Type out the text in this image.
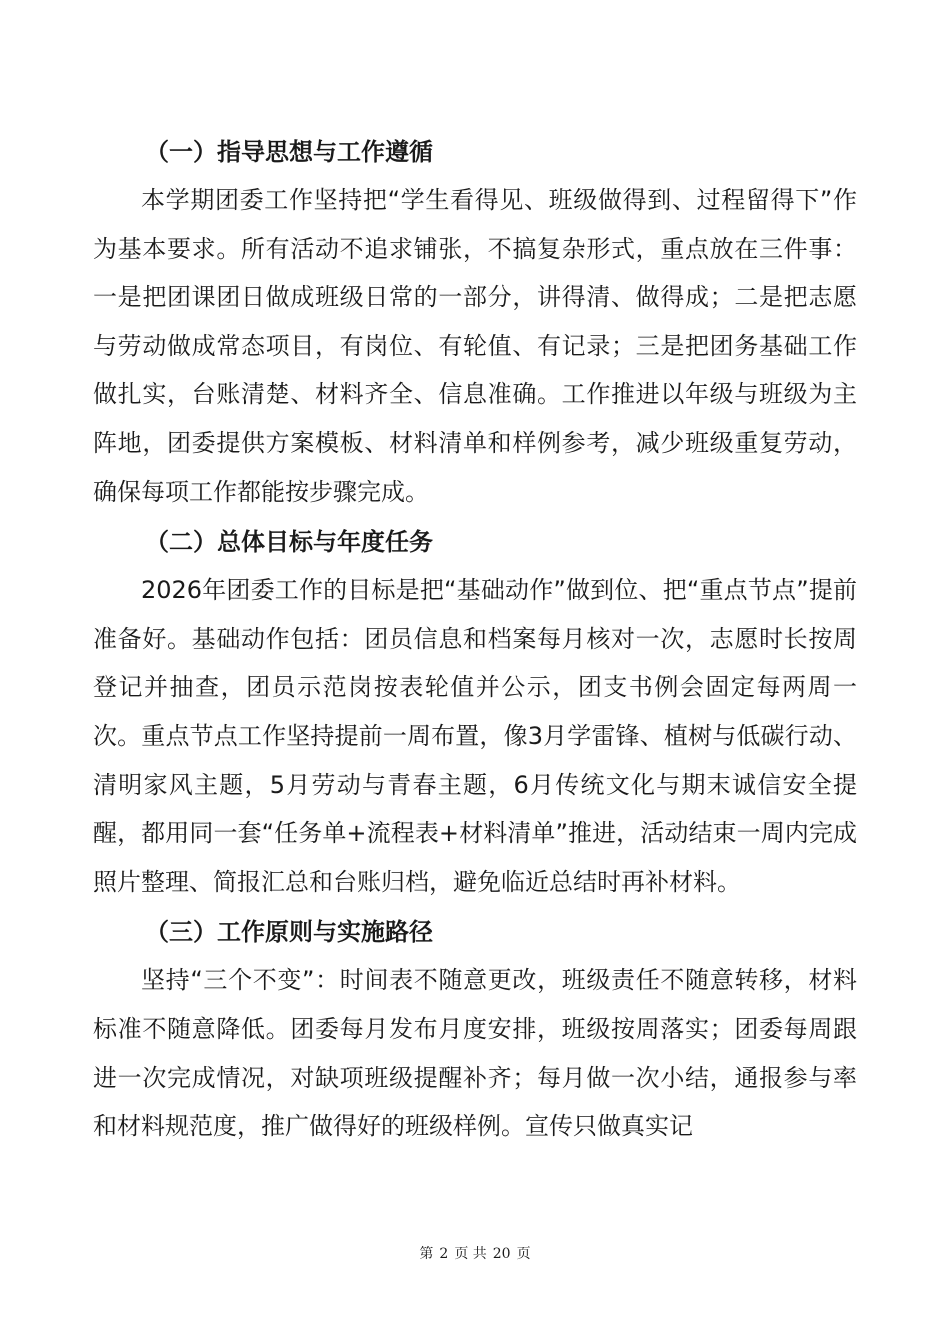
（一）指导思想与工作遵循

本学期团委工作坚持把“学生看得见、班级做得到、过程留得下”作为基本要求。所有活动不追求铺张，不搞复杂形式，重点放在三件事：一是把团课团日做成班级日常的一部分，讲得清、做得成；二是把志愿与劳动做成常态项目，有岗位、有轮值、有记录；三是把团务基础工作做扎实，台账清楚、材料齐全、信息准确。工作推进以年级与班级为主阵地，团委提供方案模板、材料清单和样例参考，减少班级重复劳动，确保每项工作都能按步骤完成。

（二）总体目标与年度任务

2026年团委工作的目标是把“基础动作”做到位、把“重点节点”提前准备好。基础动作包括：团员信息和档案每月核对一次，志愿时长按周登记并抽查，团员示范岗按表轮值并公示，团支书例会固定每两周一次。重点节点工作坚持提前一周布置，像3月学雷锋、植树与低碳行动、清明家风主题，5月劳动与青春主题，6月传统文化与期末诚信安全提醒，都用同一套“任务单+流程表+材料清单”推进，活动结束一周内完成照片整理、简报汇总和台账归档，避免临近总结时再补材料。

（三）工作原则与实施路径

坚持“三个不变”：时间表不随意更改，班级责任不随意转移，材料标准不随意降低。团委每月发布月度安排，班级按周落实；团委每周跟进一次完成情况，对缺项班级提醒补齐；每月做一次小结，通报参与率和材料规范度，推广做得好的班级样例。宣传只做真实记

第 2 页 共 20 页
